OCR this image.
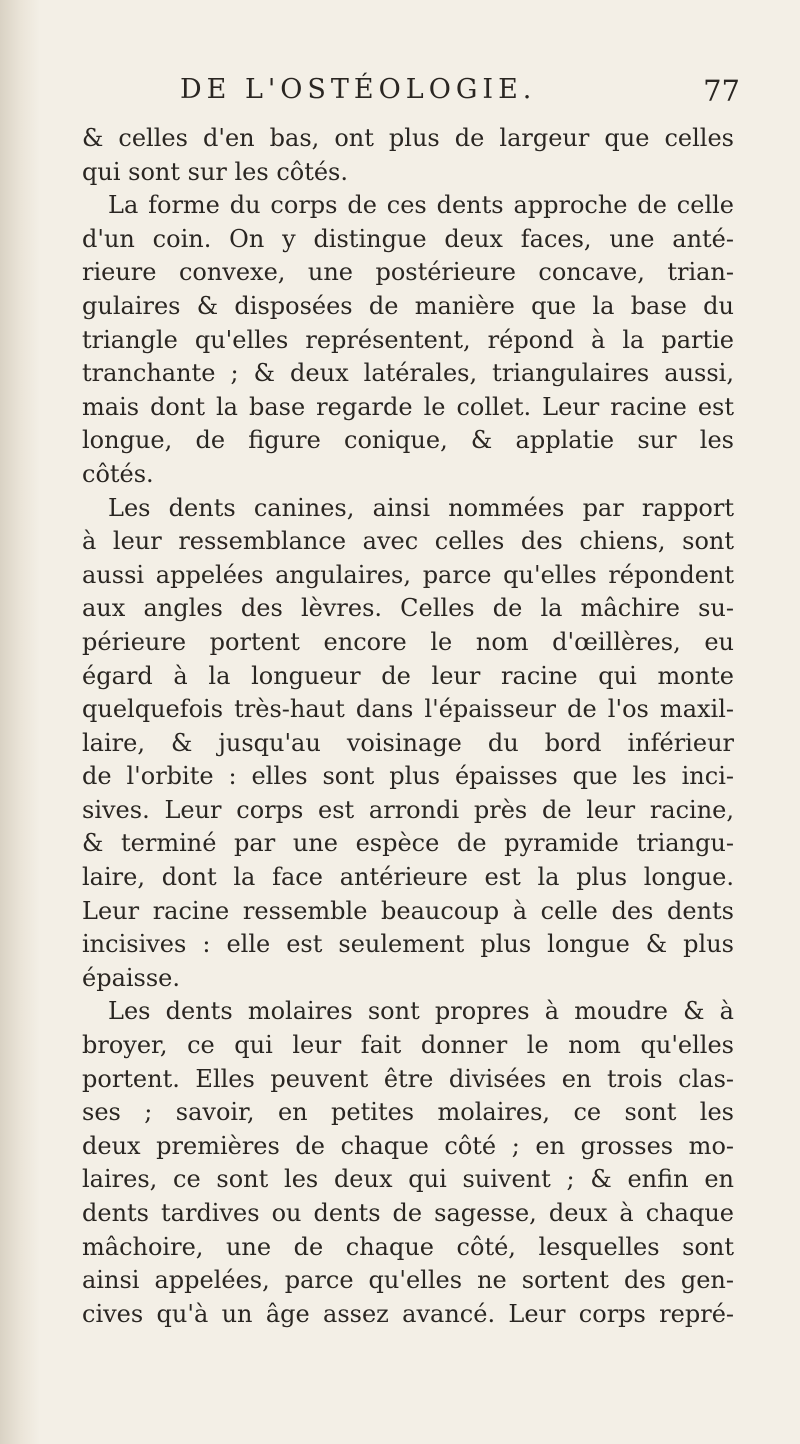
DE L'OSTÉOLOGIE.	77
& celles d'en bas, ont plus de largeur que celles
qui sont sur les côtés.
La forme du corps de ces dents approche de celle
d'un coin. On y distingue deux faces, une anté-
rieure convexe, une postérieure concave, trian-
gulaires & disposées de manière que la base du
triangle qu'elles représentent, répond à la partie
tranchante ; & deux latérales, triangulaires aussi,
mais dont la base regarde le collet. Leur racine est
longue, de figure conique, & applatie sur les
côtés.
Les dents canines, ainsi nommées par rapport
à leur ressemblance avec celles des chiens, sont
aussi appelées angulaires, parce qu'elles répondent
aux angles des lèvres. Celles de la mâchire su-
périeure portent encore le nom d'œillères, eu
égard à la longueur de leur racine qui monte
quelquefois très-haut dans l'épaisseur de l'os maxil-
laire, & jusqu'au voisinage du bord inférieur
de l'orbite : elles sont plus épaisses que les inci-
sives. Leur corps est arrondi près de leur racine,
& terminé par une espèce de pyramide triangu-
laire, dont la face antérieure est la plus longue.
Leur racine ressemble beaucoup à celle des dents
incisives : elle est seulement plus longue & plus
épaisse.
Les dents molaires sont propres à moudre & à
broyer, ce qui leur fait donner le nom qu'elles
portent. Elles peuvent être divisées en trois clas-
ses ; savoir, en petites molaires, ce sont les
deux premières de chaque côté ; en grosses mo-
laires, ce sont les deux qui suivent ; & enfin en
dents tardives ou dents de sagesse, deux à chaque
mâchoire, une de chaque côté, lesquelles sont
ainsi appelées, parce qu'elles ne sortent des gen-
cives qu'à un âge assez avancé. Leur corps repré-
